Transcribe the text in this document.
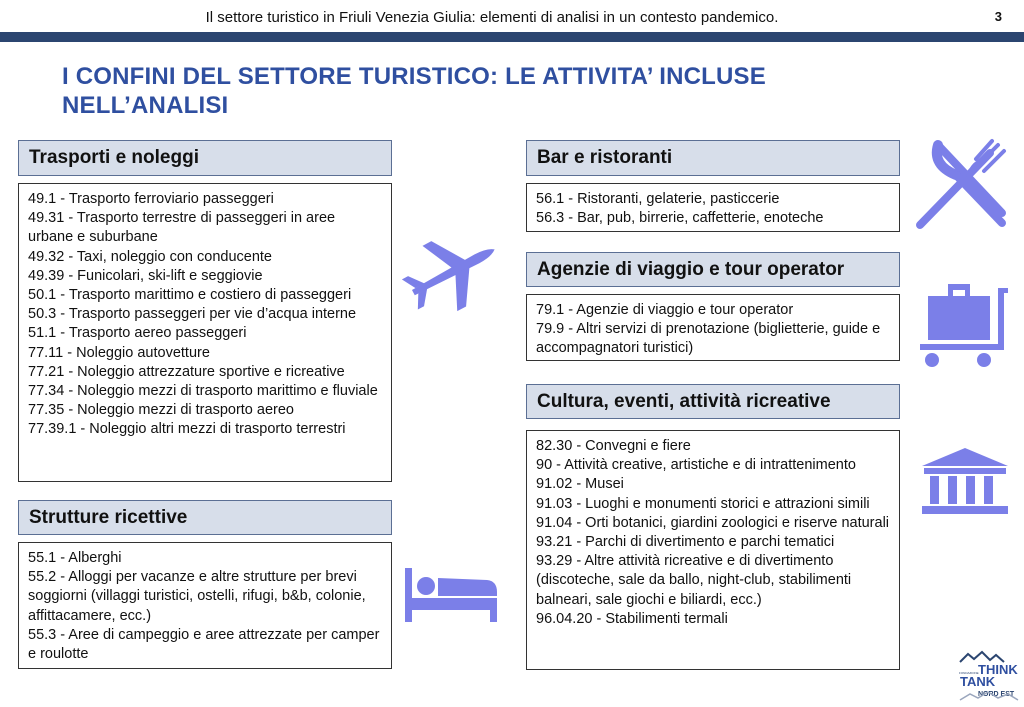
Il settore turistico in Friuli Venezia Giulia: elementi di analisi in un contesto pandemico.	3
I CONFINI DEL SETTORE TURISTICO: LE ATTIVITA’ INCLUSE
NELL’ANALISI
Trasporti e noleggi
49.1 - Trasporto ferroviario passeggeri
49.31 - Trasporto terrestre di passeggeri in aree urbane e suburbane
49.32 - Taxi, noleggio con conducente
49.39 - Funicolari, ski-lift e seggiovie
50.1 - Trasporto marittimo e costiero di passeggeri
50.3 - Trasporto passeggeri per vie d’acqua interne
51.1 - Trasporto aereo passeggeri
77.11 - Noleggio autovetture
77.21 - Noleggio attrezzature sportive e ricreative
77.34 - Noleggio mezzi di trasporto marittimo e fluviale
77.35 - Noleggio mezzi di trasporto aereo
77.39.1 - Noleggio altri mezzi di trasporto terrestri
Strutture ricettive
55.1 - Alberghi
55.2 - Alloggi per vacanze e altre strutture per brevi soggiorni (villaggi turistici, ostelli, rifugi, b&b, colonie, affittacamere, ecc.)
55.3 - Aree di campeggio e aree attrezzate per camper e roulotte
Bar e ristoranti
56.1 - Ristoranti, gelaterie, pasticcerie
56.3 - Bar, pub, birrerie, caffetterie, enoteche
Agenzie di viaggio e tour operator
79.1 - Agenzie di viaggio e tour operator
79.9 - Altri servizi di prenotazione (biglietterie, guide e accompagnatori turistici)
Cultura, eventi, attività ricreative
82.30 - Convegni e fiere
90 - Attività creative, artistiche e di intrattenimento
91.02 - Musei
91.03 - Luoghi e monumenti storici e attrazioni simili
91.04 - Orti botanici, giardini zoologici e riserve naturali
93.21 - Parchi di divertimento e parchi tematici
93.29 - Altre attività ricreative e di divertimento (discoteche, sale da ballo, night-club, stabilimenti balneari, sale giochi e biliardi, ecc.)
96.04.20 - Stabilimenti termali
THINK
TANK
NORD EST
FONDAZIONE
